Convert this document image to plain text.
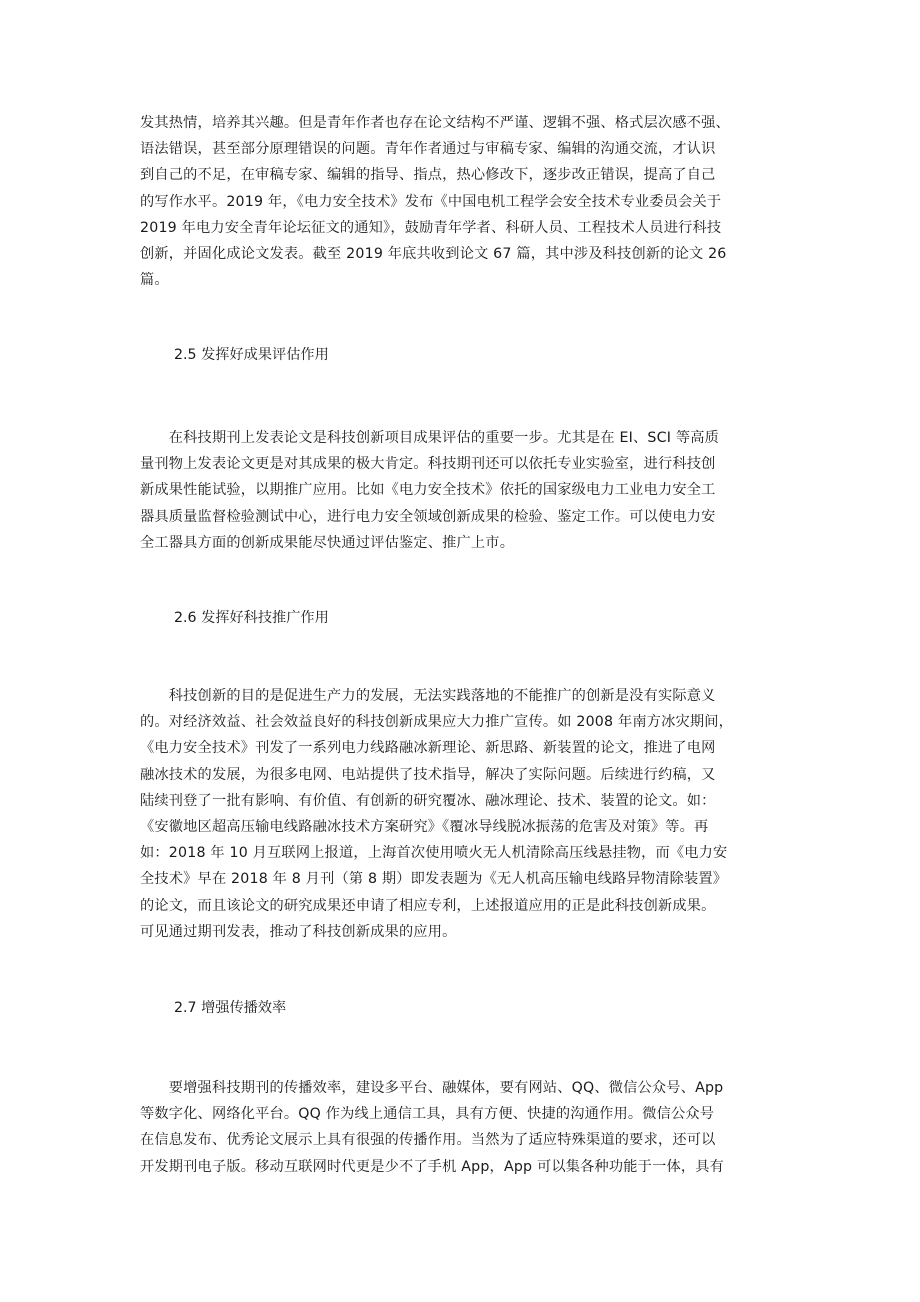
发其热情，培养其兴趣。但是青年作者也存在论文结构不严谨、逻辑不强、格式层次感不强、
语法错误，甚至部分原理错误的问题。青年作者通过与审稿专家、编辑的沟通交流，才认识
到自己的不足，在审稿专家、编辑的指导、指点，热心修改下，逐步改正错误，提高了自己
的写作水平。2019 年，《电力安全技术》发布《中国电机工程学会安全技术专业委员会关于
2019 年电力安全青年论坛征文的通知》，鼓励青年学者、科研人员、工程技术人员进行科技
创新，并固化成论文发表。截至 2019 年底共收到论文 67 篇，其中涉及科技创新的论文 26
篇。
2.5 发挥好成果评估作用
　　在科技期刊上发表论文是科技创新项目成果评估的重要一步。尤其是在 EI、SCI 等高质
量刊物上发表论文更是对其成果的极大肯定。科技期刊还可以依托专业实验室，进行科技创
新成果性能试验，以期推广应用。比如《电力安全技术》依托的国家级电力工业电力安全工
器具质量监督检验测试中心，进行电力安全领域创新成果的检验、鉴定工作。可以使电力安
全工器具方面的创新成果能尽快通过评估鉴定、推广上市。
2.6 发挥好科技推广作用
　　科技创新的目的是促进生产力的发展，无法实践落地的不能推广的创新是没有实际意义
的。对经济效益、社会效益良好的科技创新成果应大力推广宣传。如 2008 年南方冰灾期间，
《电力安全技术》刊发了一系列电力线路融冰新理论、新思路、新装置的论文，推进了电网
融冰技术的发展，为很多电网、电站提供了技术指导，解决了实际问题。后续进行约稿，又
陆续刊登了一批有影响、有价值、有创新的研究覆冰、融冰理论、技术、装置的论文。如：
《安徽地区超高压输电线路融冰技术方案研究》《覆冰导线脱冰振荡的危害及对策》等。再
如：2018 年 10 月互联网上报道，上海首次使用喷火无人机清除高压线悬挂物，而《电力安
全技术》早在 2018 年 8 月刊（第 8 期）即发表题为《无人机高压输电线路异物清除装置》
的论文，而且该论文的研究成果还申请了相应专利，上述报道应用的正是此科技创新成果。
可见通过期刊发表，推动了科技创新成果的应用。
2.7 增强传播效率
　　要增强科技期刊的传播效率，建设多平台、融媒体，要有网站、QQ、微信公众号、App
等数字化、网络化平台。QQ 作为线上通信工具，具有方便、快捷的沟通作用。微信公众号
在信息发布、优秀论文展示上具有很强的传播作用。当然为了适应特殊渠道的要求，还可以
开发期刊电子版。移动互联网时代更是少不了手机 App，App 可以集各种功能于一体，具有
